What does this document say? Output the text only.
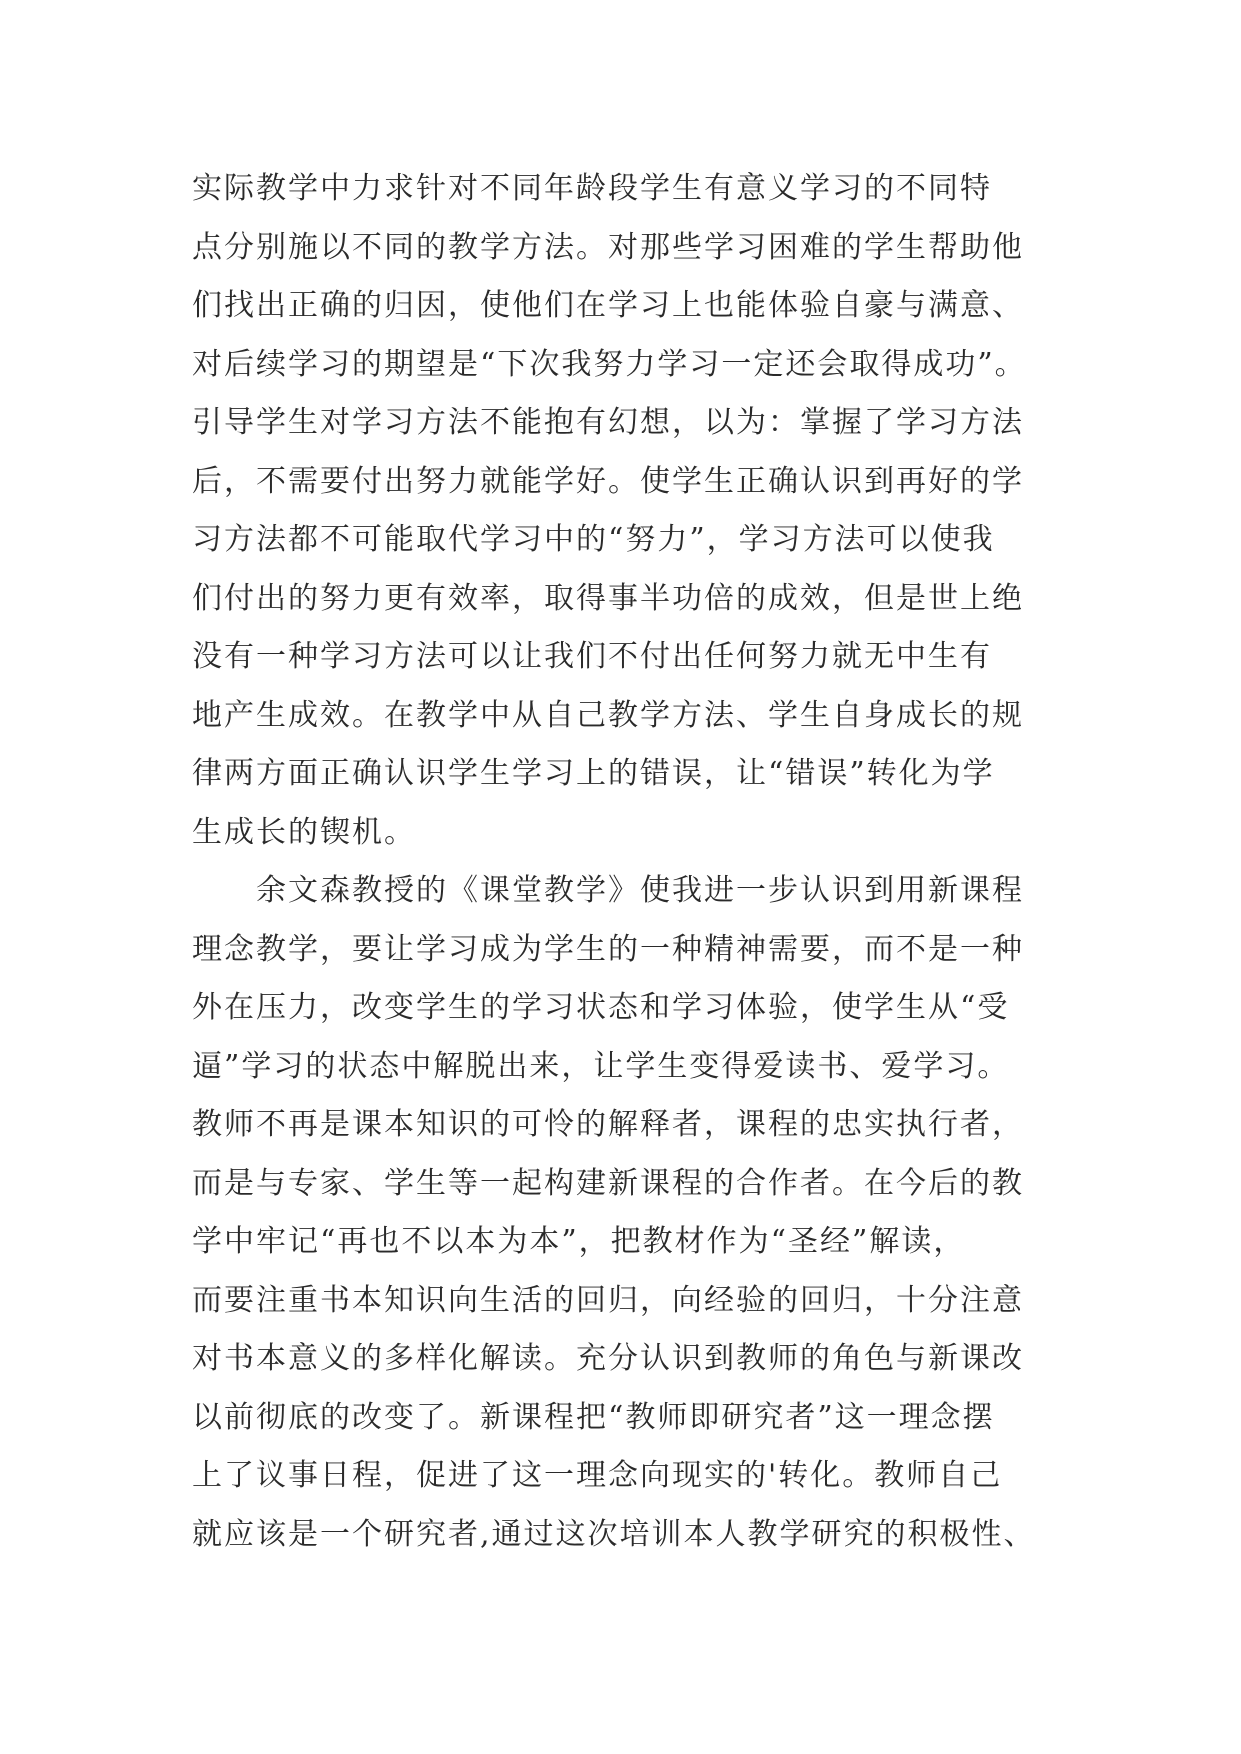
实际教学中力求针对不同年龄段学生有意义学习的不同特
点分别施以不同的教学方法。对那些学习困难的学生帮助他
们找出正确的归因，使他们在学习上也能体验自豪与满意、
对后续学习的期望是“下次我努力学习一定还会取得成功”。
引导学生对学习方法不能抱有幻想，以为：掌握了学习方法
后，不需要付出努力就能学好。使学生正确认识到再好的学
习方法都不可能取代学习中的“努力”，学习方法可以使我
们付出的努力更有效率，取得事半功倍的成效，但是世上绝
没有一种学习方法可以让我们不付出任何努力就无中生有
地产生成效。在教学中从自己教学方法、学生自身成长的规
律两方面正确认识学生学习上的错误，让“错误”转化为学
生成长的锲机。
　　余文森教授的《课堂教学》使我进一步认识到用新课程
理念教学，要让学习成为学生的一种精神需要，而不是一种
外在压力，改变学生的学习状态和学习体验，使学生从“受
逼”学习的状态中解脱出来，让学生变得爱读书、爱学习。
教师不再是课本知识的可怜的解释者，课程的忠实执行者，
而是与专家、学生等一起构建新课程的合作者。在今后的教
学中牢记“再也不以本为本”，把教材作为“圣经”解读，
而要注重书本知识向生活的回归，向经验的回归，十分注意
对书本意义的多样化解读。充分认识到教师的角色与新课改
以前彻底的改变了。新课程把“教师即研究者”这一理念摆
上了议事日程，促进了这一理念向现实的'转化。教师自己
就应该是一个研究者,通过这次培训本人教学研究的积极性、
